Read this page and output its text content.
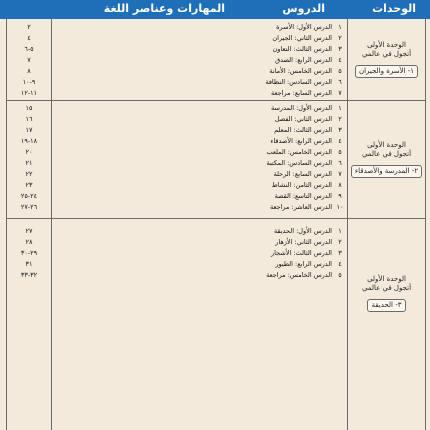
الوحدات
الدروس
المهارات وعناصر اللغة
الوحدة الأولى
أتجول في عالمي
١- الأسرة والجيران
١
الدرس الأول: الأسرة
٢
٢
الدرس الثاني: الجيران
٤
٣
الدرس الثالث: التعاون
٥-٦
٤
الدرس الرابع: الصدق
٧
٥
الدرس الخامس: الأمانة
٨
٦
الدرس السادس: النظافة
٩-١٠
٧
الدرس السابع: مراجعة
١١-١٢
الوحدة الأولى
أتجول في عالمي
٢- المدرسة والأصدقاء
١
الدرس الأول: المدرسة
١٥
٢
الدرس الثاني: الفصل
١٦
٣
الدرس الثالث: المعلم
١٧
٤
الدرس الرابع: الأصدقاء
١٨-١٩
٥
الدرس الخامس: الملعب
٢٠
٦
الدرس السادس: المكتبة
٢١
٧
الدرس السابع: الرحلة
٢٢
٨
الدرس الثامن: النشاط
٢٣
٩
الدرس التاسع: القصة
٢٤-٢٥
١٠
الدرس العاشر: مراجعة
٢٦-٢٧
الوحدة الأولى
أتجول في عالمي
٣- الحديقة
١
الدرس الأول: الحديقة
٢٧
٢
الدرس الثاني: الأزهار
٢٨
٣
الدرس الثالث: الأشجار
٢٩-٣٠
٤
الدرس الرابع: الطيور
٣١
٥
الدرس الخامس: مراجعة
٣٢-٣٣
